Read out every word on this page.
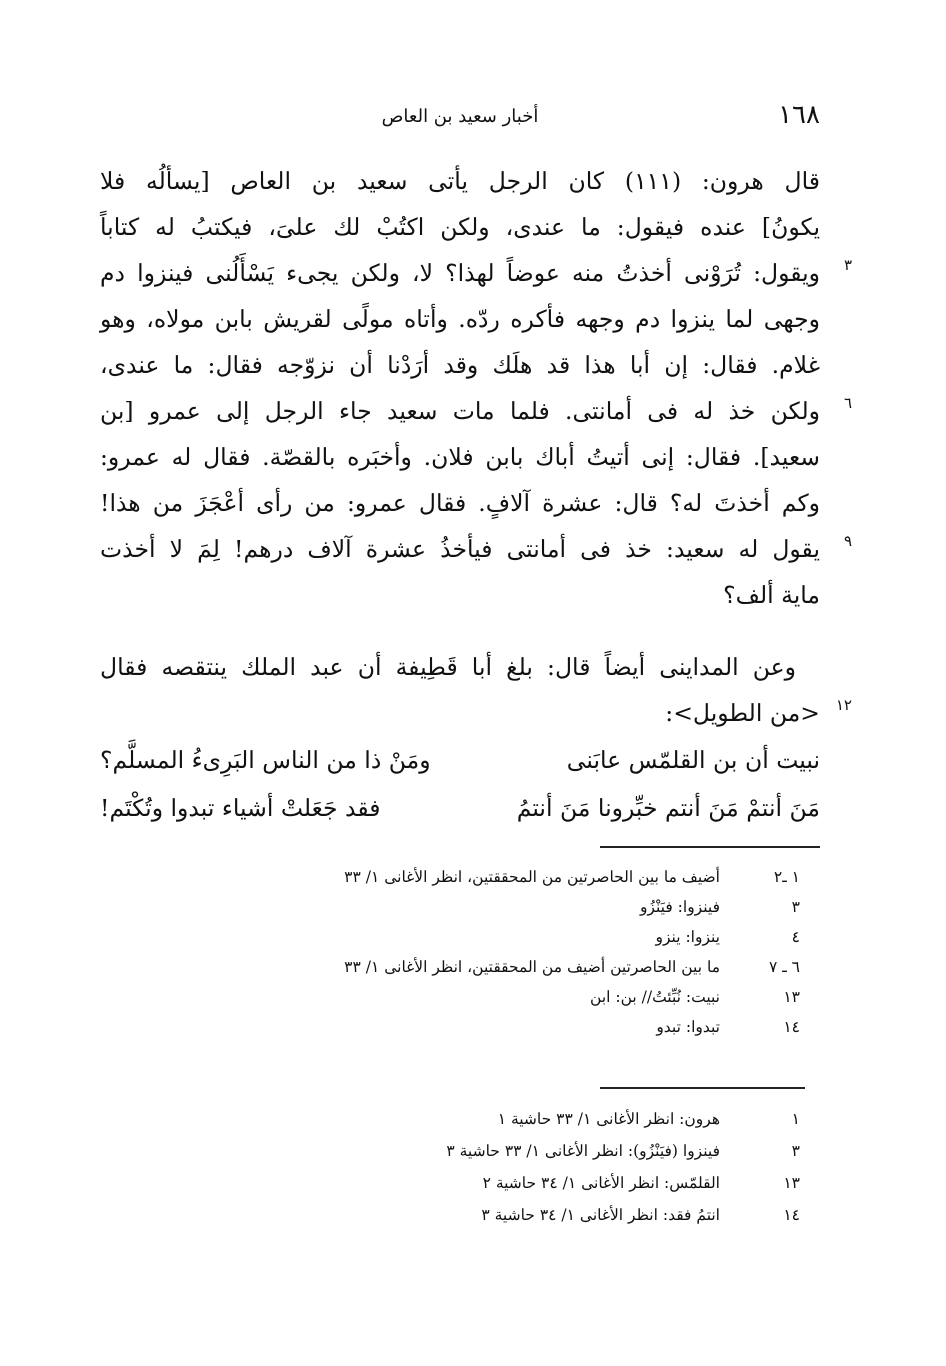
١٦٨
أخبار سعيد بن العاص
قال هرون: (١١١) كان الرجل يأتى سعيد بن العاص [يسألُه فلا
يكونُ] عنده فيقول: ما عندى، ولكن اكتُبْ لك علىَ، فيكتبُ له كتاباً
٣
ويقول: تُرَوْنى أخذتُ منه عوضاً لهذا؟ لا، ولكن يجىء يَسْأَلُنى فينزوا دم
وجهى لما ينزوا دم وجهه فأكره ردّه. وأتاه مولًى لقريش بابن مولاه، وهو
غلام. فقال: إن أبا هذا قد هلَك وقد أرَدْنا أن نزوّجه فقال: ما عندى،
٦
ولكن خذ له فى أمانتى. فلما مات سعيد جاء الرجل إلى عمرو [بن
سعيد]. فقال: إنى أتيتُ أباك بابن فلان. وأخبَره بالقصّة. فقال له عمرو:
وكم أخذتَ له؟ قال: عشرة آلافٍ. فقال عمرو: من رأى أعْجَزَ من هذا!
٩
يقول له سعيد: خذ فى أمانتى فيأخذُ عشرة آلاف درهم! لِمَ لا أخذت
ماية ألف؟
وعن المداينى أيضاً قال: بلغ أبا قَطِيفة أن عبد الملك ينتقصه فقال
١٢
<من الطويل>:
نبيت أن بن القلمّس عابَنى
ومَنْ ذا من الناس البَرِىءُ المسلَّم؟
مَنَ أنتمْ مَنَ أنتم خبِّرونا مَنَ أنتمُ
فقد جَعَلتْ أشياء تبدوا وتُكْتَم!
١ ـ٢
أضيف ما بين الحاصرتين من المحققتين، انظر الأغانى ١/ ٣٣
٣
فينزوا: فيَنْزُو
٤
ينزوا: ينزو
٦ ـ ٧
ما بين الحاصرتين أضيف من المحققتين، انظر الأغانى ١/ ٣٣
١٣
نبيت: نُبِّئتُ// بن: ابن
١٤
تبدوا: تبدو
١
هرون: انظر الأغانى ١/ ٣٣ حاشية ١
٣
فينزوا (فيَنْزُو): انظر الأغانى ١/ ٣٣ حاشية ٣
١٣
القلمّس: انظر الأغانى ١/ ٣٤ حاشية ٢
١٤
انتمُ فقد: انظر الأغانى ١/ ٣٤ حاشية ٣
